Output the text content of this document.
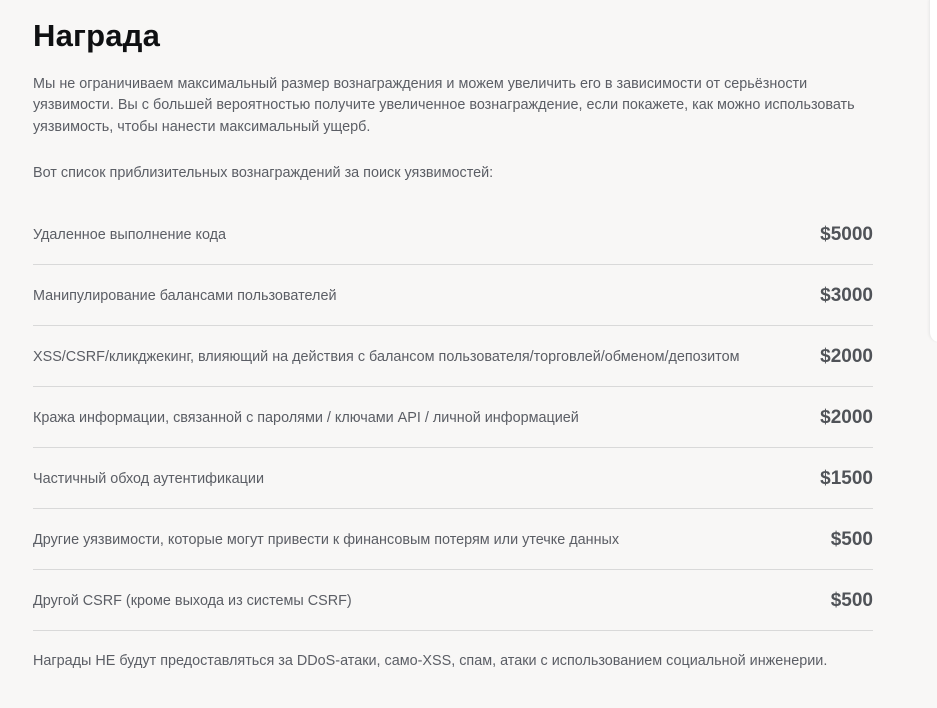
Награда

Мы не ограничиваем максимальный размер вознаграждения и можем увеличить его в зависимости от серьёзности уязвимости. Вы с большей вероятностью получите увеличенное вознаграждение, если покажете, как можно использовать уязвимость, чтобы нанести максимальный ущерб.

Вот список приблизительных вознаграждений за поиск уязвимостей:

Удаленное выполнение кода	$5000
Манипулирование балансами пользователей	$3000
XSS/CSRF/кликджекинг, влияющий на действия с балансом пользователя/торговлей/обменом/депозитом	$2000
Кража информации, связанной с паролями / ключами API / личной информацией	$2000
Частичный обход аутентификации	$1500
Другие уязвимости, которые могут привести к финансовым потерям или утечке данных	$500
Другой CSRF (кроме выхода из системы CSRF)	$500

Награды НЕ будут предоставляться за DDoS-атаки, само-XSS, спам, атаки с использованием социальной инженерии.
